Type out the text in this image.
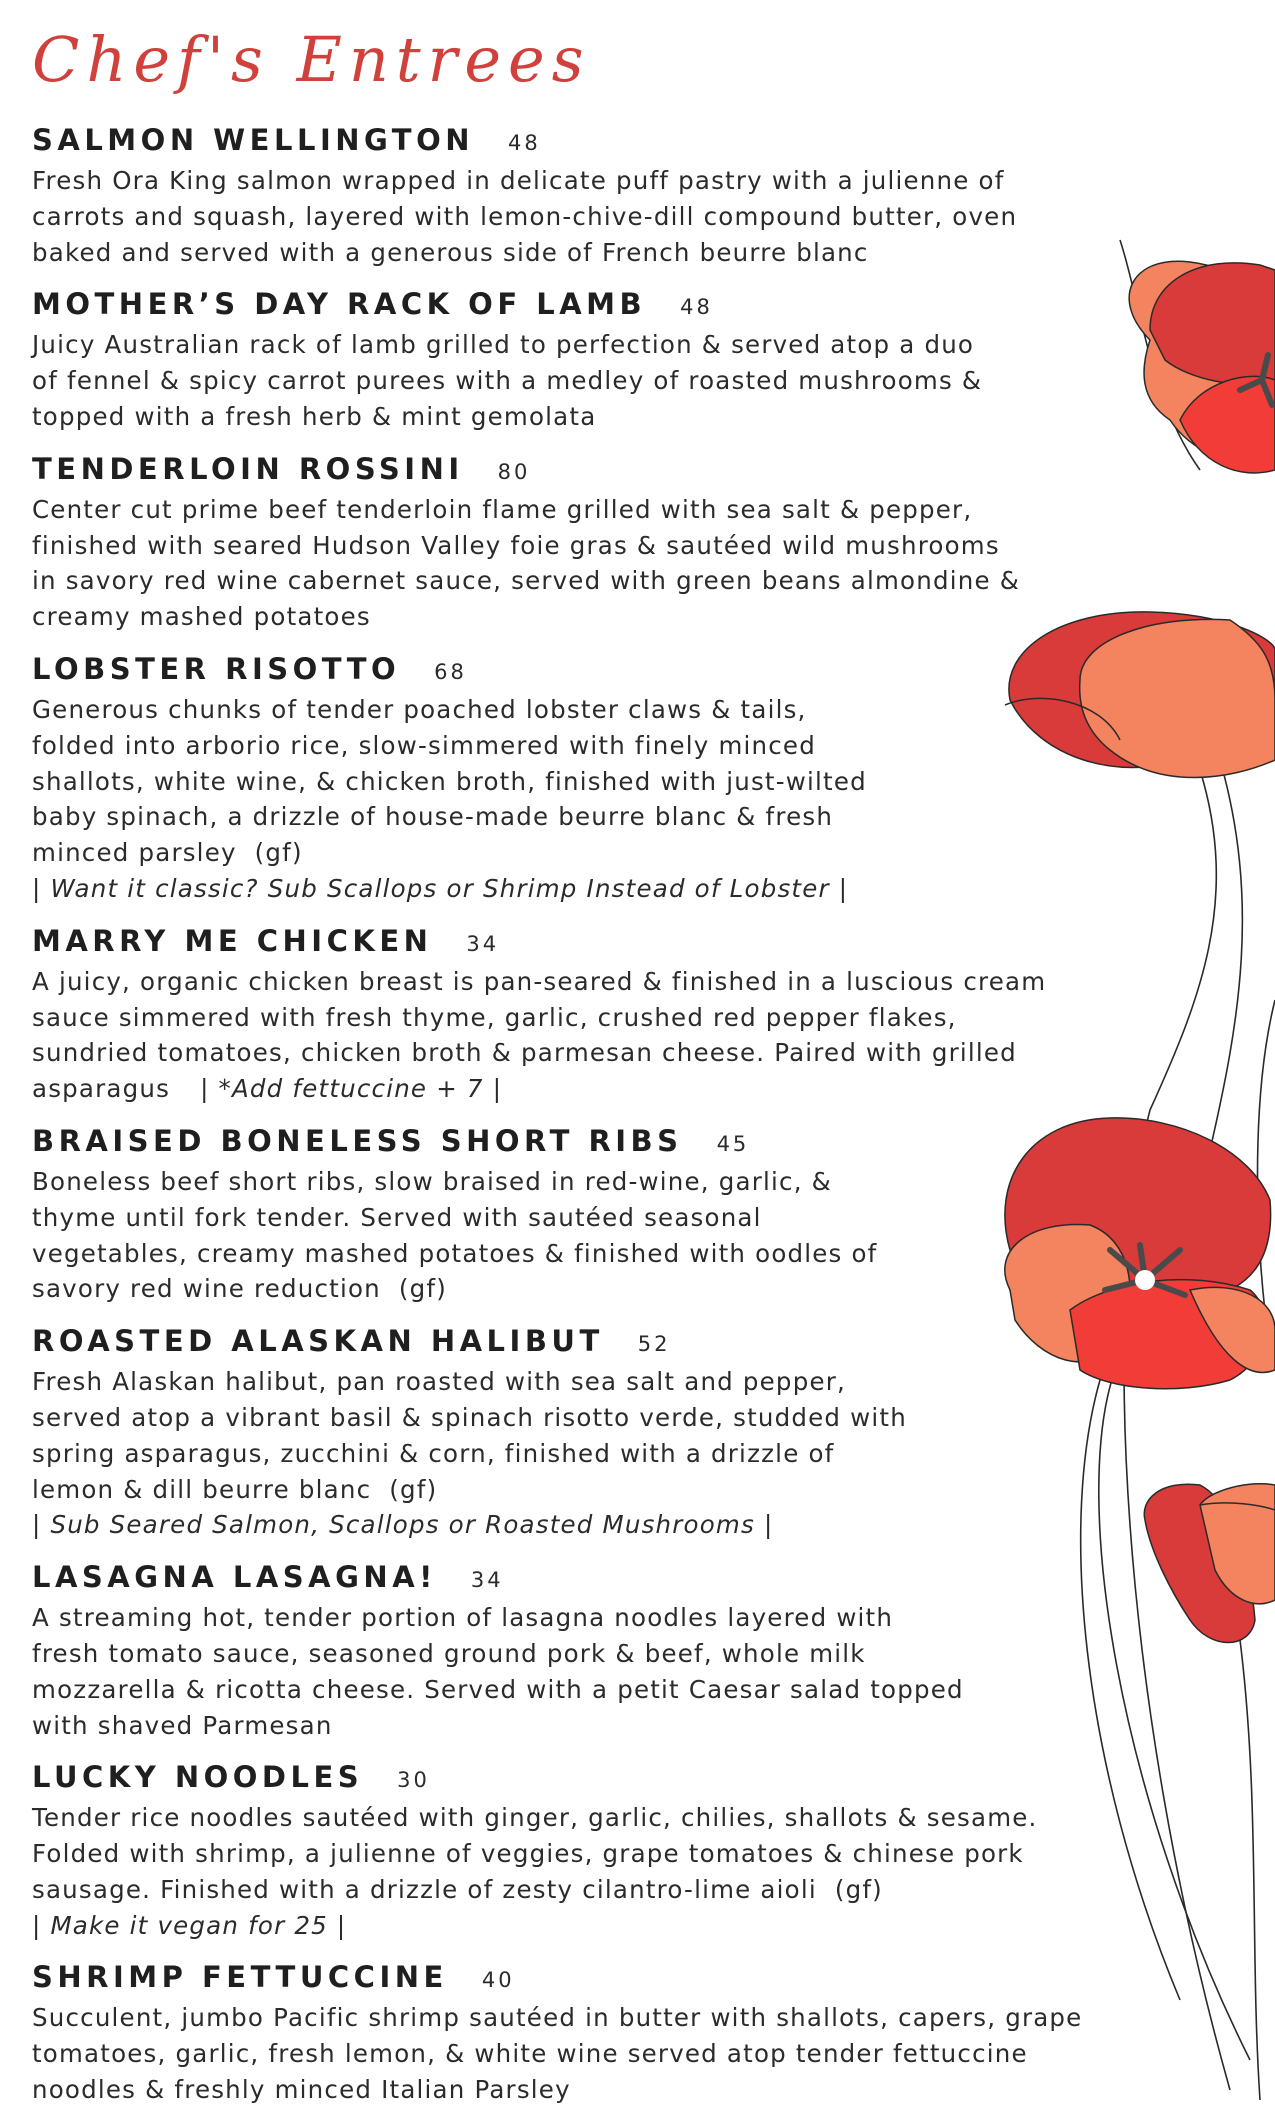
Chef's Entrees
SALMON WELLINGTON 48
Fresh Ora King salmon wrapped in delicate puff pastry with a julienne of
carrots and squash, layered with lemon-chive-dill compound butter, oven
baked and served with a generous side of French beurre blanc
MOTHER’S DAY RACK OF LAMB 48
Juicy Australian rack of lamb grilled to perfection & served atop a duo
of fennel & spicy carrot purees with a medley of roasted mushrooms &
topped with a fresh herb & mint gemolata
TENDERLOIN ROSSINI 80
Center cut prime beef tenderloin flame grilled with sea salt & pepper,
finished with seared Hudson Valley foie gras & sautéed wild mushrooms
in savory red wine cabernet sauce, served with green beans almondine &
creamy mashed potatoes
LOBSTER RISOTTO 68
Generous chunks of tender poached lobster claws & tails,
folded into arborio rice, slow-simmered with finely minced
shallots, white wine, & chicken broth, finished with just-wilted
baby spinach, a drizzle of house-made beurre blanc & fresh
minced parsley (gf)
| Want it classic? Sub Scallops or Shrimp Instead of Lobster |
MARRY ME CHICKEN 34
A juicy, organic chicken breast is pan-seared & finished in a luscious cream
sauce simmered with fresh thyme, garlic, crushed red pepper flakes,
sundried tomatoes, chicken broth & parmesan cheese. Paired with grilled
asparagus | *Add fettuccine + 7 |
BRAISED BONELESS SHORT RIBS 45
Boneless beef short ribs, slow braised in red-wine, garlic, &
thyme until fork tender. Served with sautéed seasonal
vegetables, creamy mashed potatoes & finished with oodles of
savory red wine reduction (gf)
ROASTED ALASKAN HALIBUT 52
Fresh Alaskan halibut, pan roasted with sea salt and pepper,
served atop a vibrant basil & spinach risotto verde, studded with
spring asparagus, zucchini & corn, finished with a drizzle of
lemon & dill beurre blanc (gf)
| Sub Seared Salmon, Scallops or Roasted Mushrooms |
LASAGNA LASAGNA! 34
A streaming hot, tender portion of lasagna noodles layered with
fresh tomato sauce, seasoned ground pork & beef, whole milk
mozzarella & ricotta cheese. Served with a petit Caesar salad topped
with shaved Parmesan
LUCKY NOODLES 30
Tender rice noodles sautéed with ginger, garlic, chilies, shallots & sesame.
Folded with shrimp, a julienne of veggies, grape tomatoes & chinese pork
sausage. Finished with a drizzle of zesty cilantro-lime aioli (gf)
| Make it vegan for 25 |
SHRIMP FETTUCCINE 40
Succulent, jumbo Pacific shrimp sautéed in butter with shallots, capers, grape
tomatoes, garlic, fresh lemon, & white wine served atop tender fettuccine
noodles & freshly minced Italian Parsley
